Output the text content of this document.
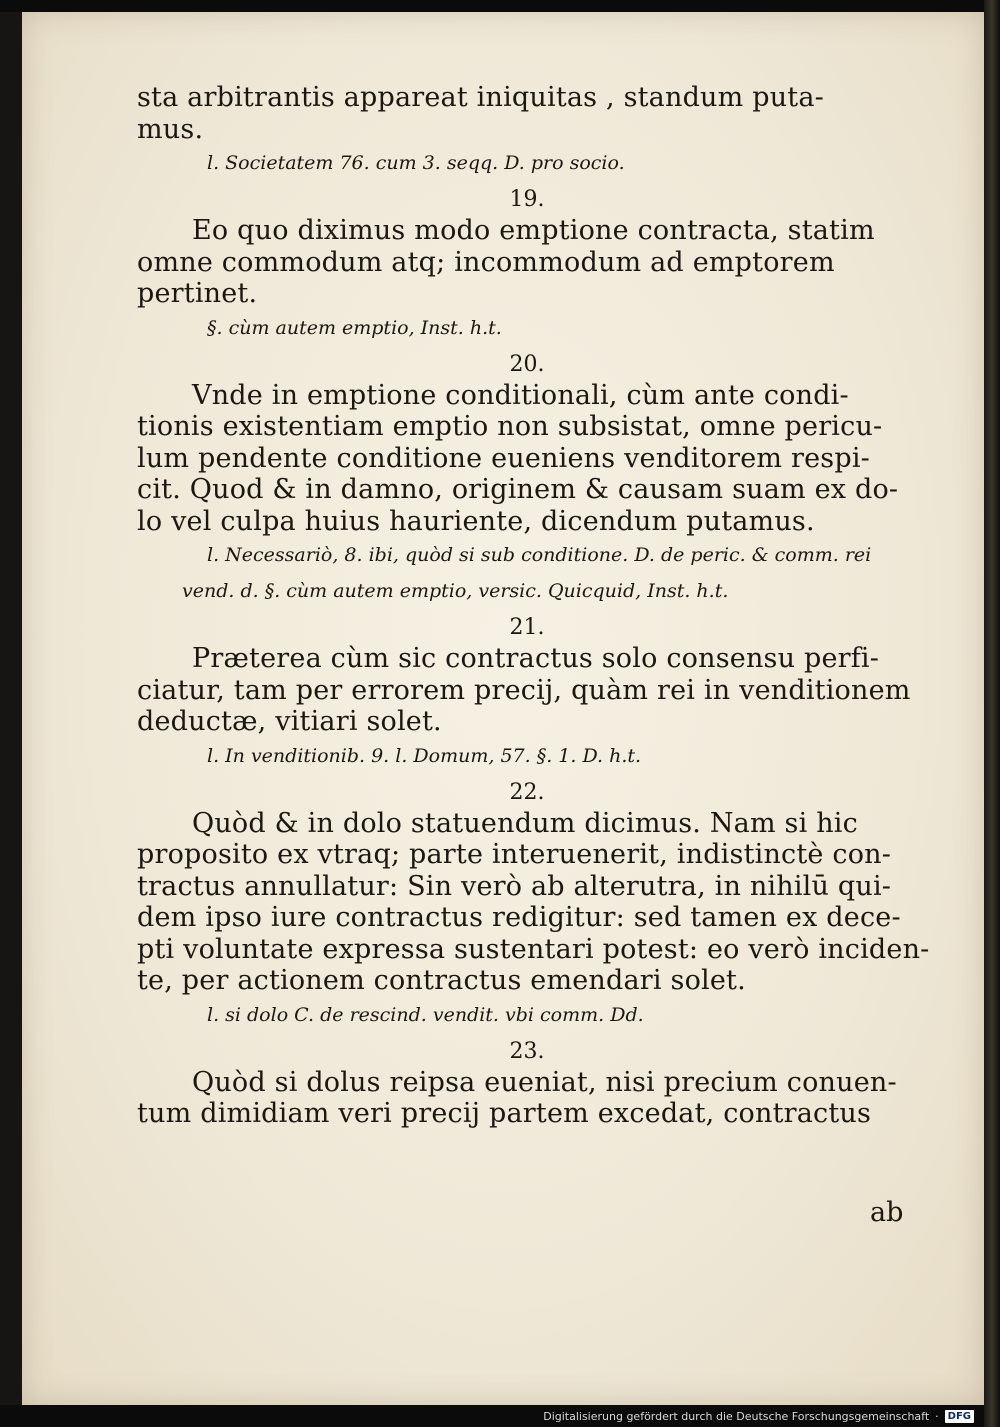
sta arbitrantis appareat iniquitas , standum puta-
mus.
l. Societatem 76. cum 3. seqq. D. pro socio.
19.
Eo quo diximus modo emptione contracta, statim
omne commodum atq; incommodum ad emptorem
pertinet.
§. cùm autem emptio, Inst. h.t.
20.
Vnde in emptione conditionali, cùm ante condi-
tionis existentiam emptio non subsistat, omne pericu-
lum pendente conditione eueniens venditorem respi-
cit. Quod & in damno, originem & causam suam ex do-
lo vel culpa huius hauriente, dicendum putamus.
l. Necessariò, 8. ibi, quòd si sub conditione. D. de peric. & comm. rei
vend. d. §. cùm autem emptio, versic. Quicquid, Inst. h.t.
21.
Præterea cùm sic contractus solo consensu perfi-
ciatur, tam per errorem precij, quàm rei in venditionem
deductæ, vitiari solet.
l. In venditionib. 9. l. Domum, 57. §. 1. D. h.t.
22.
Quòd & in dolo statuendum dicimus. Nam si hic
proposito ex vtraq; parte interuenerit, indistinctè con-
tractus annullatur: Sin verò ab alterutra, in nihilū qui-
dem ipso iure contractus redigitur: sed tamen ex dece-
pti voluntate expressa sustentari potest: eo verò inciden-
te, per actionem contractus emendari solet.
l. si dolo C. de rescind. vendit. vbi comm. Dd.
23.
Quòd si dolus reipsa eueniat, nisi precium conuen-
tum dimidiam veri precij partem excedat, contractus
ab
Digitalisierung gefördert durch die Deutsche Forschungsgemeinschaft · DFG
